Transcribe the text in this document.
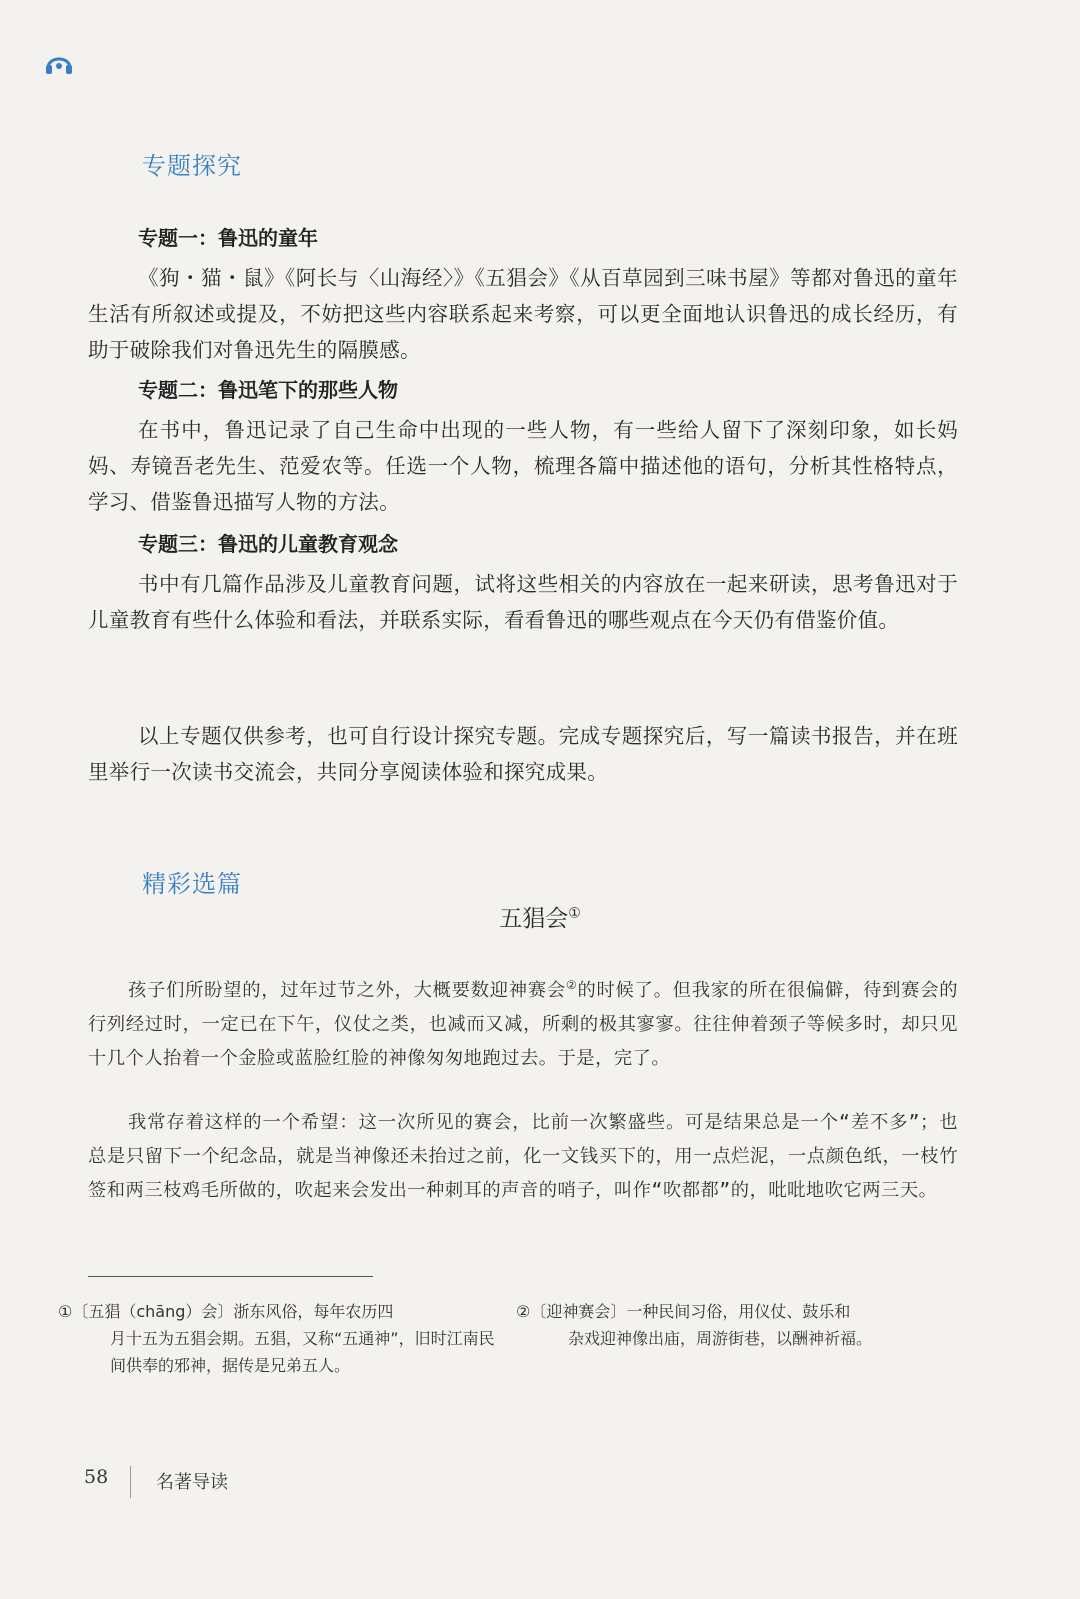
专题探究
专题一：鲁迅的童年

《狗・猫・鼠》《阿长与〈山海经〉》《五猖会》《从百草园到三味书屋》等都对鲁迅的童年生活有所叙述或提及，不妨把这些内容联系起来考察，可以更全面地认识鲁迅的成长经历，有助于破除我们对鲁迅先生的隔膜感。

专题二：鲁迅笔下的那些人物

在书中，鲁迅记录了自己生命中出现的一些人物，有一些给人留下了深刻印象，如长妈妈、寿镜吾老先生、范爱农等。任选一个人物，梳理各篇中描述他的语句，分析其性格特点，学习、借鉴鲁迅描写人物的方法。

专题三：鲁迅的儿童教育观念

书中有几篇作品涉及儿童教育问题，试将这些相关的内容放在一起来研读，思考鲁迅对于儿童教育有些什么体验和看法，并联系实际，看看鲁迅的哪些观点在今天仍有借鉴价值。

以上专题仅供参考，也可自行设计探究专题。完成专题探究后，写一篇读书报告，并在班里举行一次读书交流会，共同分享阅读体验和探究成果。

精彩选篇
五猖会①

孩子们所盼望的，过年过节之外，大概要数迎神赛会②的时候了。但我家的所在很偏僻，待到赛会的行列经过时，一定已在下午，仪仗之类，也减而又减，所剩的极其寥寥。往往伸着颈子等候多时，却只见十几个人抬着一个金脸或蓝脸红脸的神像匆匆地跑过去。于是，完了。

我常存着这样的一个希望：这一次所见的赛会，比前一次繁盛些。可是结果总是一个“差不多”；也总是只留下一个纪念品，就是当神像还未抬过之前，化一文钱买下的，用一点烂泥，一点颜色纸，一枝竹签和两三枝鸡毛所做的，吹起来会发出一种刺耳的声音的哨子，叫作“吹都都”的，吡吡地吹它两三天。

①〔五猖（chāng）会〕浙东风俗，每年农历四
月十五为五猖会期。五猖，又称“五通神”，旧时江南民间供奉的邪神，据传是兄弟五人。
②〔迎神赛会〕一种民间习俗，用仪仗、鼓乐和
杂戏迎神像出庙，周游街巷，以酬神祈福。

58	名著导读
